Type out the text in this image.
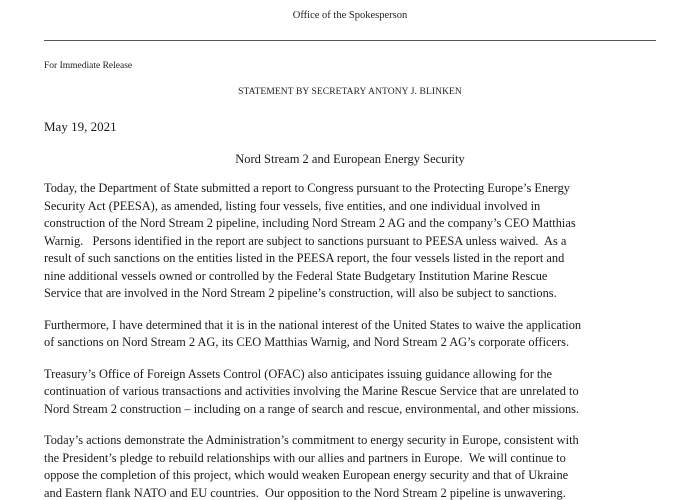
Office of the Spokesperson
For Immediate Release
STATEMENT BY SECRETARY ANTONY J. BLINKEN
May 19, 2021
Nord Stream 2 and European Energy Security

Today, the Department of State submitted a report to Congress pursuant to the Protecting Europe’s Energy
Security Act (PEESA), as amended, listing four vessels, five entities, and one individual involved in
construction of the Nord Stream 2 pipeline, including Nord Stream 2 AG and the company’s CEO Matthias
Warnig.   Persons identified in the report are subject to sanctions pursuant to PEESA unless waived.  As a
result of such sanctions on the entities listed in the PEESA report, the four vessels listed in the report and
nine additional vessels owned or controlled by the Federal State Budgetary Institution Marine Rescue
Service that are involved in the Nord Stream 2 pipeline’s construction, will also be subject to sanctions.

Furthermore, I have determined that it is in the national interest of the United States to waive the application
of sanctions on Nord Stream 2 AG, its CEO Matthias Warnig, and Nord Stream 2 AG’s corporate officers.

Treasury’s Office of Foreign Assets Control (OFAC) also anticipates issuing guidance allowing for the
continuation of various transactions and activities involving the Marine Rescue Service that are unrelated to
Nord Stream 2 construction – including on a range of search and rescue, environmental, and other missions.

Today’s actions demonstrate the Administration’s commitment to energy security in Europe, consistent with
the President’s pledge to rebuild relationships with our allies and partners in Europe.  We will continue to
oppose the completion of this project, which would weaken European energy security and that of Ukraine
and Eastern flank NATO and EU countries.  Our opposition to the Nord Stream 2 pipeline is unwavering.
